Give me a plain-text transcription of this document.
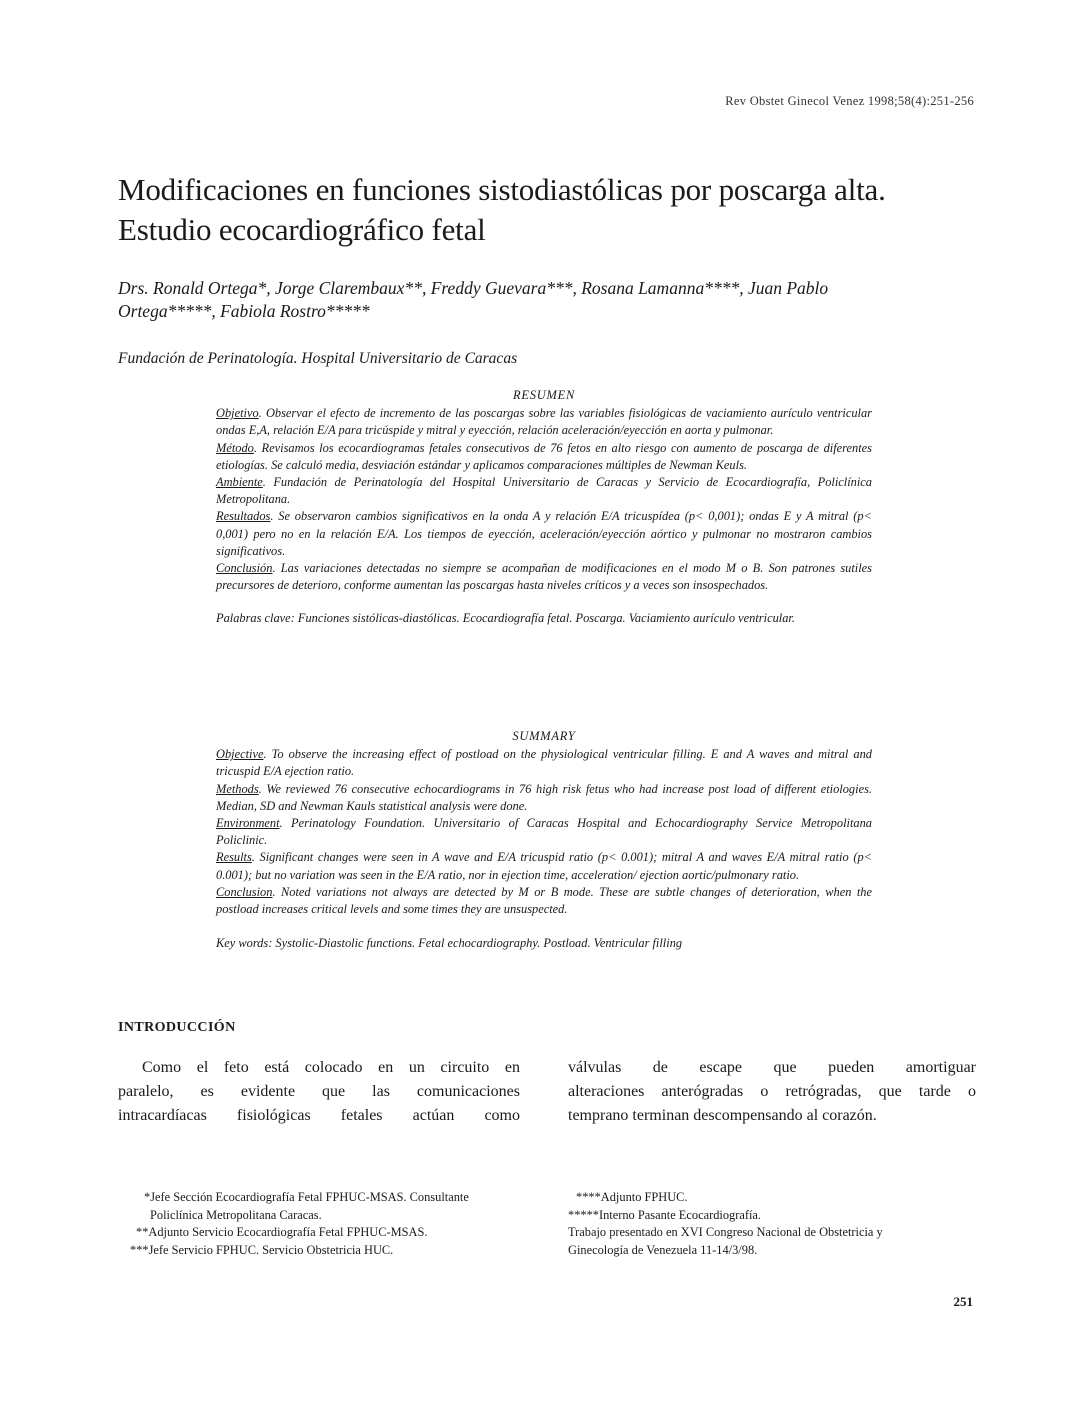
Rev Obstet Ginecol Venez 1998;58(4):251-256
Modificaciones en funciones sistodiastólicas por poscarga alta.
Estudio ecocardiográfico fetal
Drs. Ronald Ortega*, Jorge Clarembaux**, Freddy Guevara***, Rosana Lamanna****, Juan Pablo
Ortega*****, Fabiola Rostro*****
Fundación de Perinatología. Hospital Universitario de Caracas
RESUMEN
Objetivo. Observar el efecto de incremento de las poscargas sobre las variables fisiológicas de vaciamiento aurículo ventricular ondas E,A, relación E/A para tricúspide y mitral y eyección, relación aceleración/eyección en aorta y pulmonar.
Método. Revisamos los ecocardiogramas fetales consecutivos de 76 fetos en alto riesgo con aumento de poscarga de diferentes etiologías. Se calculó media, desviación estándar y aplicamos comparaciones múltiples de Newman Keuls.
Ambiente. Fundación de Perinatología del Hospital Universitario de Caracas y Servicio de Ecocardiografía, Policlínica Metropolitana.
Resultados. Se observaron cambios significativos en la onda A y relación E/A tricuspídea (p< 0,001); ondas E y A mitral (p< 0,001) pero no en la relación E/A. Los tiempos de eyección, aceleración/eyección aórtico y pulmonar no mostraron cambios significativos.
Conclusión. Las variaciones detectadas no siempre se acompañan de modificaciones en el modo M o B. Son patrones sutiles precursores de deterioro, conforme aumentan las poscargas hasta niveles críticos y a veces son insospechados.
Palabras clave: Funciones sistólicas-diastólicas. Ecocardiografía fetal. Poscarga. Vaciamiento aurículo ventricular.
SUMMARY
Objective. To observe the increasing effect of postload on the physiological ventricular filling. E and A waves and mitral and tricuspid E/A ejection ratio.
Methods. We reviewed 76 consecutive echocardiograms in 76 high risk fetus who had increase post load of different etiologies. Median, SD and Newman Kauls statistical analysis were done.
Environment. Perinatology Foundation. Universitario of Caracas Hospital and Echocardiography Service Metropolitana Policlinic.
Results. Significant changes were seen in A wave and E/A tricuspid ratio (p< 0.001); mitral A and waves E/A mitral ratio (p< 0.001); but no variation was seen in the E/A ratio, nor in ejection time, acceleration/ ejection aortic/pulmonary ratio.
Conclusion. Noted variations not always are detected by M or B mode. These are subtle changes of deterioration, when the postload increases critical levels and some times they are unsuspected.
Key words: Systolic-Diastolic functions. Fetal echocardiography. Postload. Ventricular filling
INTRODUCCIÓN
Como el feto está colocado en un circuito en
paralelo, es evidente que las comunicaciones
intracardíacas fisiológicas fetales actúan como
válvulas de escape que pueden amortiguar
alteraciones anterógradas o retrógradas, que tarde o
temprano terminan descompensando al corazón.
*Jefe Sección Ecocardiografía Fetal FPHUC-MSAS. Consultante
Policlínica Metropolitana Caracas.
**Adjunto Servicio Ecocardiografía Fetal FPHUC-MSAS.
***Jefe Servicio FPHUC. Servicio Obstetricia HUC.
****Adjunto FPHUC.
*****Interno Pasante Ecocardiografía.
Trabajo presentado en XVI Congreso Nacional de Obstetricia y
Ginecología de Venezuela 11-14/3/98.
251
